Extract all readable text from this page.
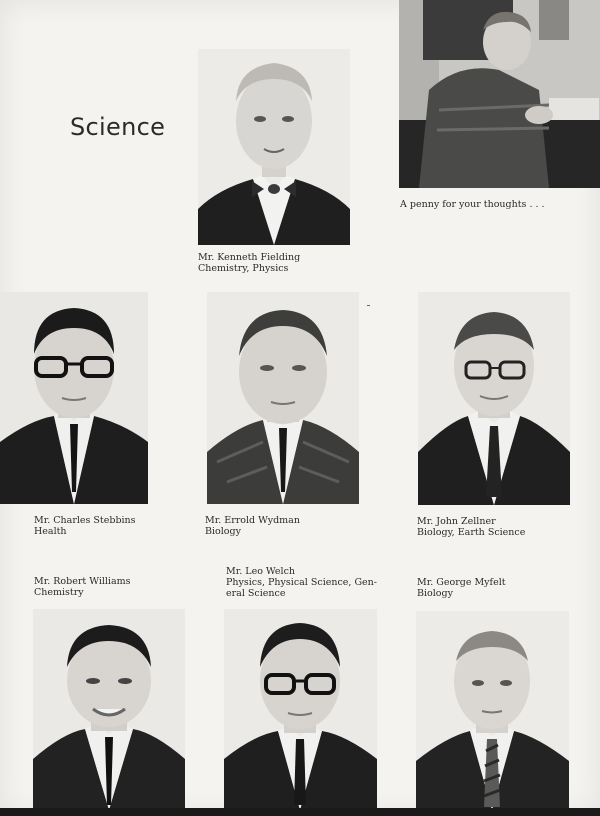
Science
Mr. Kenneth Fielding
Chemistry, Physics
A penny for your thoughts . . .
Mr. Charles Stebbins
Health
Mr. Errold Wydman
Biology
Mr. John Zellner
Biology, Earth Science
Mr. Robert Williams
Chemistry
Mr. Leo Welch
Physics, Physical Science, Gen-
eral Science
Mr. George Myfelt
Biology
